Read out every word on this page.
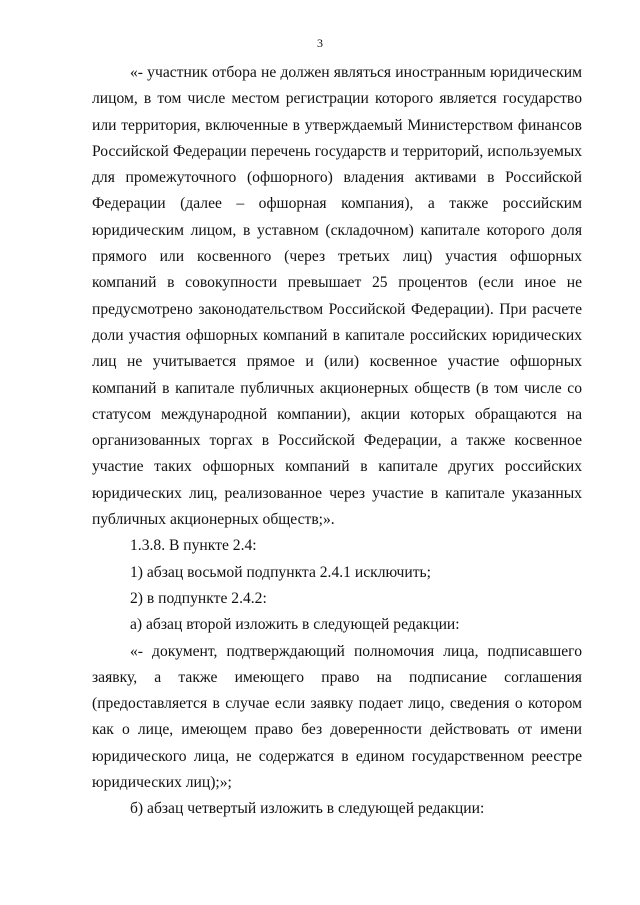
3

«- участник отбора не должен являться иностранным юридическим лицом, в том числе местом регистрации которого является государство или территория, включенные в утверждаемый Министерством финансов Российской Федерации перечень государств и территорий, используемых для промежуточного (офшорного) владения активами в Российской Федерации (далее – офшорная компания), а также российским юридическим лицом, в уставном (складочном) капитале которого доля прямого или косвенного (через третьих лиц) участия офшорных компаний в совокупности превышает 25 процентов (если иное не предусмотрено законодательством Российской Федерации). При расчете доли участия офшорных компаний в капитале российских юридических лиц не учитывается прямое и (или) косвенное участие офшорных компаний в капитале публичных акционерных обществ (в том числе со статусом международной компании), акции которых обращаются на организованных торгах в Российской Федерации, а также косвенное участие таких офшорных компаний в капитале других российских юридических лиц, реализованное через участие в капитале указанных публичных акционерных обществ;».

1.3.8. В пункте 2.4:

1) абзац восьмой подпункта 2.4.1 исключить;

2) в подпункте 2.4.2:

а) абзац второй изложить в следующей редакции:

«- документ, подтверждающий полномочия лица, подписавшего заявку, а также имеющего право на подписание соглашения (предоставляется в случае если заявку подает лицо, сведения о котором как о лице, имеющем право без доверенности действовать от имени юридического лица, не содержатся в едином государственном реестре юридических лиц);»;

б) абзац четвертый изложить в следующей редакции:
